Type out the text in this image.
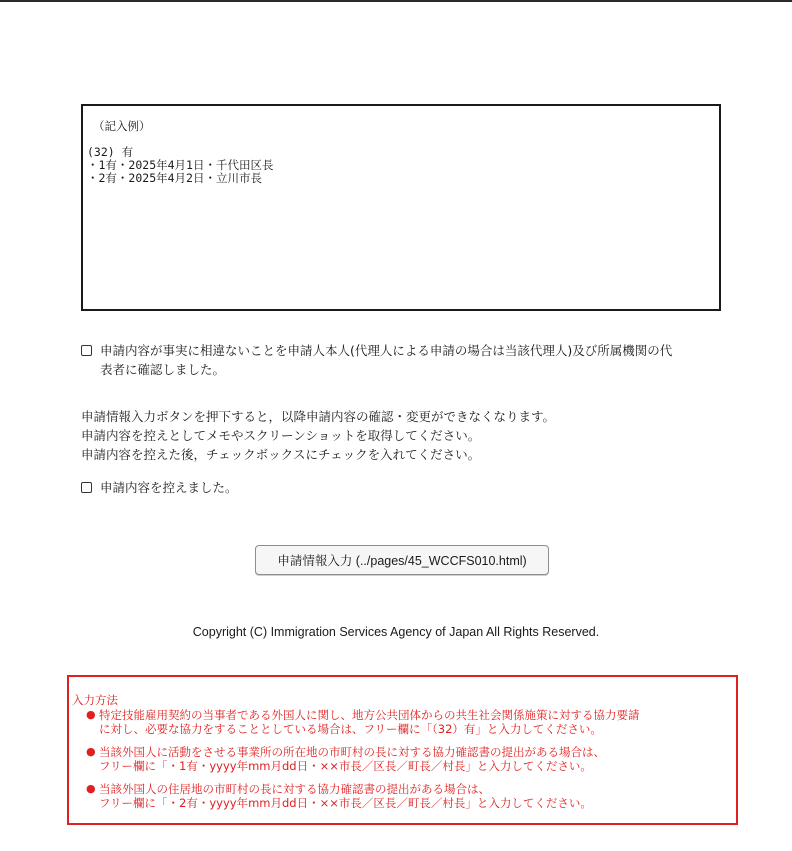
（記入例）
(32) 有
・1有・2025年4月1日・千代田区長
・2有・2025年4月2日・立川市長
申請内容が事実に相違ないことを申請人本人(代理人による申請の場合は当該代理人)及び所属機関の代
表者に確認しました。
申請情報入力ボタンを押下すると，以降申請内容の確認・変更ができなくなります。
申請内容を控えとしてメモやスクリーンショットを取得してください。
申請内容を控えた後，チェックボックスにチェックを入れてください。
申請内容を控えました。
申請情報入力 (../pages/45_WCCFS010.html)
Copyright (C) Immigration Services Agency of Japan All Rights Reserved.
入力方法
● 特定技能雇用契約の当事者である外国人に関し、地方公共団体からの共生社会関係施策に対する協力要請
に対し、必要な協力をすることとしている場合は、フリー欄に「（32）有」と入力してください。
● 当該外国人に活動をさせる事業所の所在地の市町村の長に対する協力確認書の提出がある場合は、
フリー欄に「・1有・yyyy年mm月dd日・××市長／区長／町長／村長」と入力してください。
● 当該外国人の住居地の市町村の長に対する協力確認書の提出がある場合は、
フリー欄に「・2有・yyyy年mm月dd日・××市長／区長／町長／村長」と入力してください。
